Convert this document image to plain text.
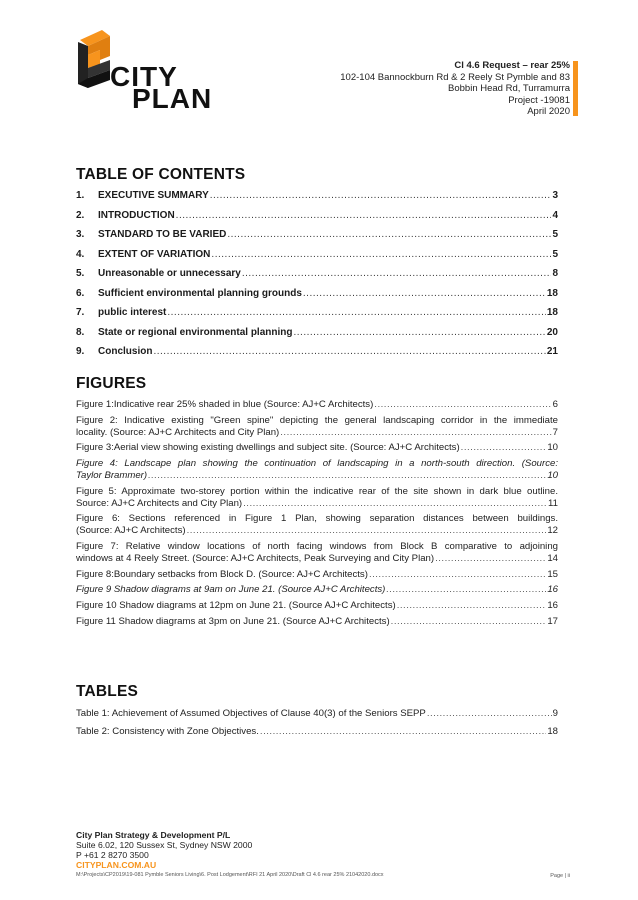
CITY
PLAN
Cl 4.6 Request – rear 25%
102-104 Bannockburn Rd & 2 Reely St Pymble and 83
Bobbin Head Rd, Turramurra
Project -19081
April 2020
TABLE OF CONTENTS
1.	EXECUTIVE SUMMARY .....	3
2.	INTRODUCTION .....	4
3.	STANDARD TO BE VARIED .....	5
4.	EXTENT OF VARIATION .....	5
5.	Unreasonable or unnecessary .....	8
6.	Sufficient environmental planning grounds .....	18
7.	public interest .....	18
8.	State or regional environmental planning .....	20
9.	Conclusion .....	21
FIGURES
Figure 1:Indicative rear 25% shaded in blue (Source: AJ+C Architects) .....	6
Figure 2: Indicative existing "Green spine" depicting the general landscaping corridor in the immediate
locality. (Source: AJ+C Architects and City Plan) .....	7
Figure 3:Aerial view showing existing dwellings and subject site. (Source: AJ+C Architects) .....	10
Figure 4: Landscape plan showing the continuation of landscaping in a north-south direction. (Source:
Taylor Brammer) .....	10
Figure 5: Approximate two-storey portion within the indicative rear of the site shown in dark blue outline.
Source: AJ+C Architects and City Plan) .....	11
Figure 6: Sections referenced in Figure 1 Plan, showing separation distances between buildings.
(Source: AJ+C Architects) .....	12
Figure 7: Relative window locations of north facing windows from Block B comparative to adjoining
windows at 4 Reely Street. (Source: AJ+C Architects, Peak Surveying and City Plan) .....	14
Figure 8:Boundary setbacks from Block D. (Source: AJ+C Architects) .....	15
Figure 9 Shadow diagrams at 9am on June 21. (Source AJ+C Architects) .....	16
Figure 10 Shadow diagrams at 12pm on June 21. (Source AJ+C Architects) .....	16
Figure 11 Shadow diagrams at 3pm on June 21. (Source AJ+C Architects) .....	17
TABLES
Table 1: Achievement of Assumed Objectives of Clause 40(3) of the Seniors SEPP .....	9
Table 2: Consistency with Zone Objectives. .....	18
City Plan Strategy & Development P/L
Suite 6.02, 120 Sussex St, Sydney NSW 2000
P +61 2 8270 3500
CITYPLAN.COM.AU
M:\Projects\CP2019\19-081 Pymble Seniors Living\6. Post Lodgement\RFI 21 April 2020\Draft Cl 4.6 rear 25% 21042020.docx	Page | ii
